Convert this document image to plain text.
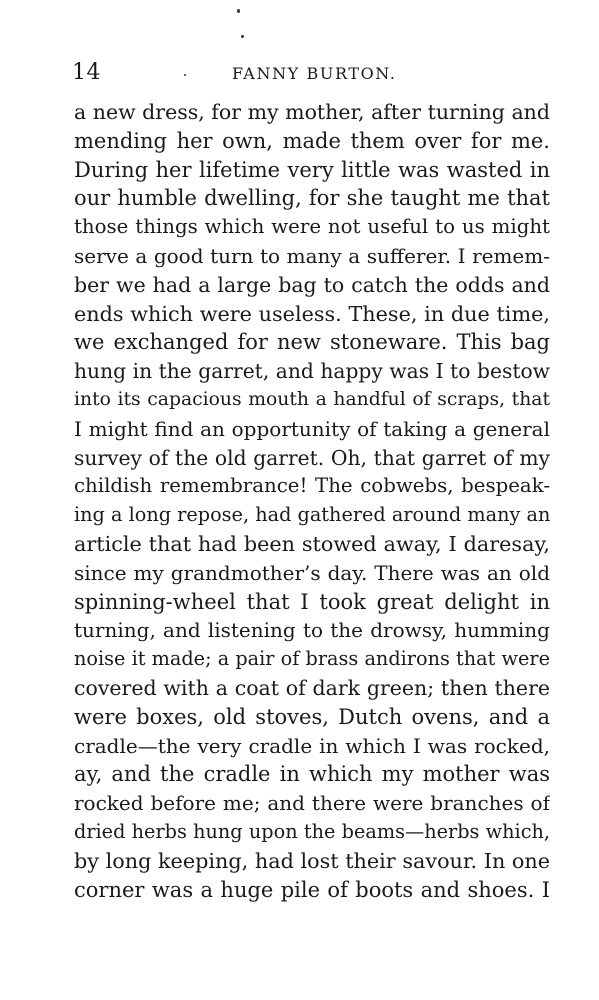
14	FANNY BURTON.
a new dress, for my mother, after turning and
mending her own, made them over for me.
During her lifetime very little was wasted in
our humble dwelling, for she taught me that
those things which were not useful to us might
serve a good turn to many a sufferer. I remem-
ber we had a large bag to catch the odds and
ends which were useless. These, in due time,
we exchanged for new stoneware. This bag
hung in the garret, and happy was I to bestow
into its capacious mouth a handful of scraps, that
I might find an opportunity of taking a general
survey of the old garret. Oh, that garret of my
childish remembrance! The cobwebs, bespeak-
ing a long repose, had gathered around many an
article that had been stowed away, I daresay,
since my grandmother’s day. There was an old
spinning-wheel that I took great delight in
turning, and listening to the drowsy, humming
noise it made; a pair of brass andirons that were
covered with a coat of dark green; then there
were boxes, old stoves, Dutch ovens, and a
cradle—the very cradle in which I was rocked,
ay, and the cradle in which my mother was
rocked before me; and there were branches of
dried herbs hung upon the beams—herbs which,
by long keeping, had lost their savour. In one
corner was a huge pile of boots and shoes. I
